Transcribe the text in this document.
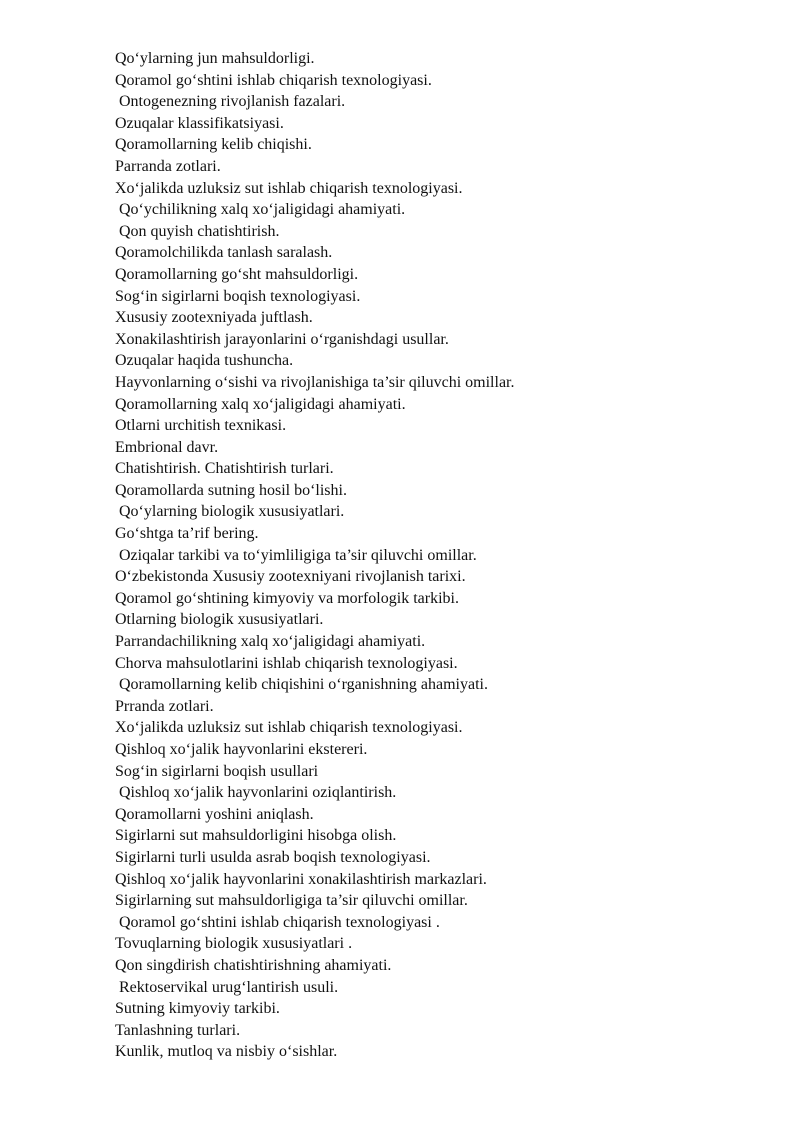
Qo‘ylarning jun mahsuldorligi.
Qoramol go‘shtini ishlab chiqarish texnologiyasi.
Ontogenezning rivojlanish fazalari.
Ozuqalar klassifikatsiyasi.
Qoramollarning kelib chiqishi.
Parranda zotlari.
Xo‘jalikda uzluksiz sut ishlab chiqarish texnologiyasi.
Qo‘ychilikning xalq xo‘jaligidagi ahamiyati.
Qon quyish chatishtirish.
Qoramolchilikda tanlash saralash.
Qoramollarning go‘sht mahsuldorligi.
Sog‘in sigirlarni boqish texnologiyasi.
Xususiy zootexniyada juftlash.
Xonakilashtirish jarayonlarini o‘rganishdagi usullar.
Ozuqalar haqida tushuncha.
Hayvonlarning o‘sishi va rivojlanishiga ta’sir qiluvchi omillar.
Qoramollarning xalq xo‘jaligidagi ahamiyati.
Otlarni urchitish texnikasi.
Embrional davr.
Chatishtirish. Chatishtirish turlari.
Qoramollarda sutning hosil bo‘lishi.
Qo‘ylarning biologik xususiyatlari.
Go‘shtga ta’rif bering.
Oziqalar tarkibi va to‘yimliligiga ta’sir qiluvchi omillar.
O‘zbekistonda Xususiy zootexniyani rivojlanish tarixi.
Qoramol go‘shtining kimyoviy va morfologik tarkibi.
Otlarning biologik xususiyatlari.
Parrandachilikning xalq xo‘jaligidagi ahamiyati.
Chorva mahsulotlarini ishlab chiqarish texnologiyasi.
Qoramollarning kelib chiqishini o‘rganishning ahamiyati.
Prranda zotlari.
Xo‘jalikda uzluksiz sut ishlab chiqarish texnologiyasi.
Qishloq xo‘jalik hayvonlarini ekstereri.
Sog‘in sigirlarni boqish usullari
Qishloq xo‘jalik hayvonlarini oziqlantirish.
Qoramollarni yoshini aniqlash.
Sigirlarni sut mahsuldorligini hisobga olish.
Sigirlarni turli usulda asrab boqish texnologiyasi.
Qishloq xo‘jalik hayvonlarini xonakilashtirish markazlari.
Sigirlarning sut mahsuldorligiga ta’sir qiluvchi omillar.
Qoramol go‘shtini ishlab chiqarish texnologiyasi .
Tovuqlarning biologik xususiyatlari .
Qon singdirish chatishtirishning ahamiyati.
Rektoservikal urug‘lantirish usuli.
Sutning kimyoviy tarkibi.
Tanlashning turlari.
Kunlik, mutloq va nisbiy o‘sishlar.
